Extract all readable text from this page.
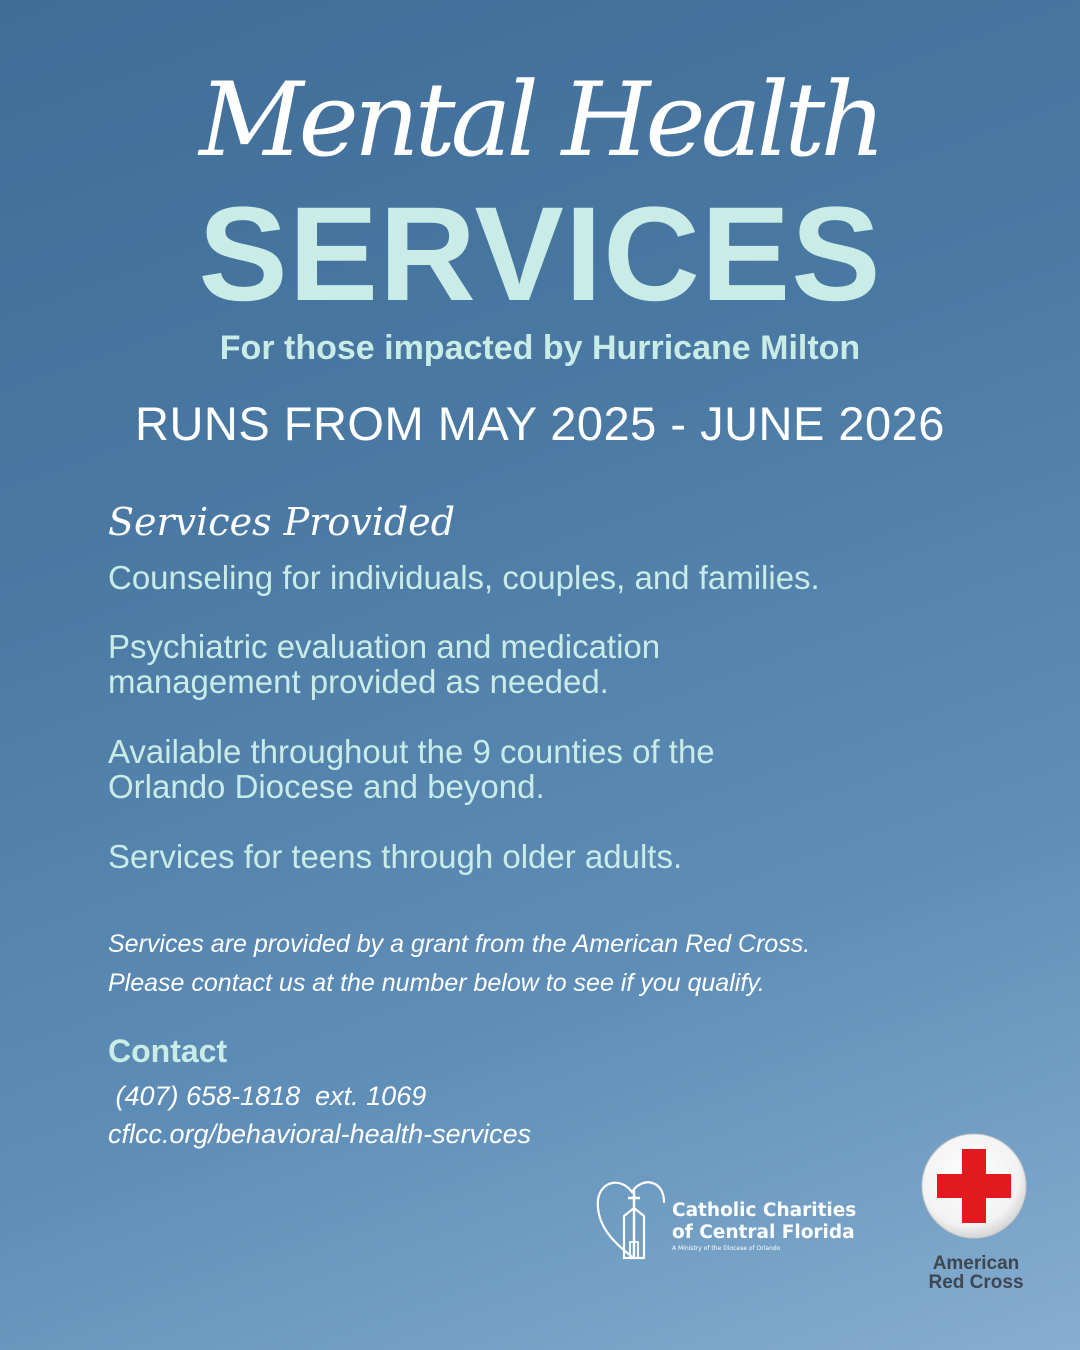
Mental Health
SERVICES
For those impacted by Hurricane Milton
RUNS FROM MAY 2025 - JUNE 2026
Services Provided

Counseling for individuals, couples, and families.

Psychiatric evaluation and medication
management provided as needed.

Available throughout the 9 counties of the
Orlando Diocese and beyond.

Services for teens through older adults.

Services are provided by a grant from the American Red Cross.
Please contact us at the number below to see if you qualify.
Contact
(407) 658-1818  ext. 1069
cflcc.org/behavioral-health-services
Catholic Charities
of Central Florida
A Ministry of the Diocese of Orlando
American
Red Cross
